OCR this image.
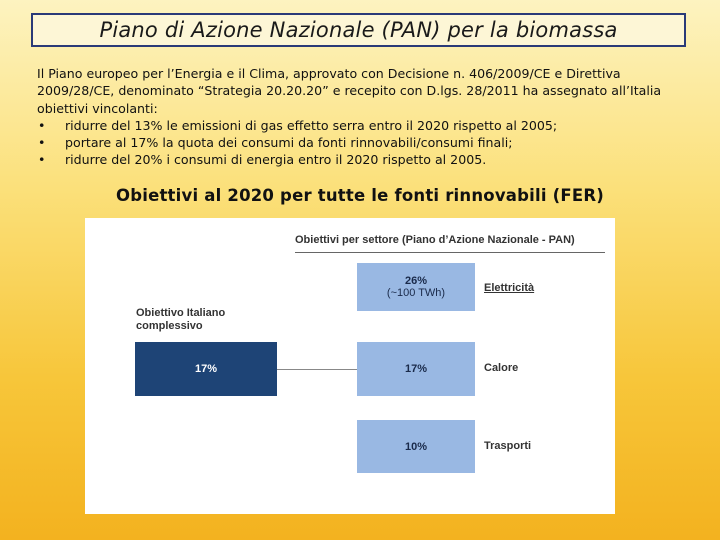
Piano di Azione Nazionale (PAN) per la biomassa
Il Piano europeo per l’Energia e il Clima, approvato con Decisione n. 406/2009/CE e Direttiva 2009/28/CE, denominato “Strategia 20.20.20” e recepito con D.lgs. 28/2011 ha assegnato all’Italia obiettivi vincolanti:
• ridurre del 13% le emissioni di gas effetto serra entro il 2020 rispetto al 2005;
• portare al 17% la quota dei consumi da fonti rinnovabili/consumi finali;
• ridurre del 20% i consumi di energia entro il 2020 rispetto al 2005.
Obiettivi al 2020 per tutte le fonti rinnovabili (FER)
Obiettivi per settore (Piano d’Azione Nazionale - PAN)
Obiettivo Italiano
complessivo
17%
26%
(~100 TWh)	Elettricità
17%	Calore
10%	Trasporti
